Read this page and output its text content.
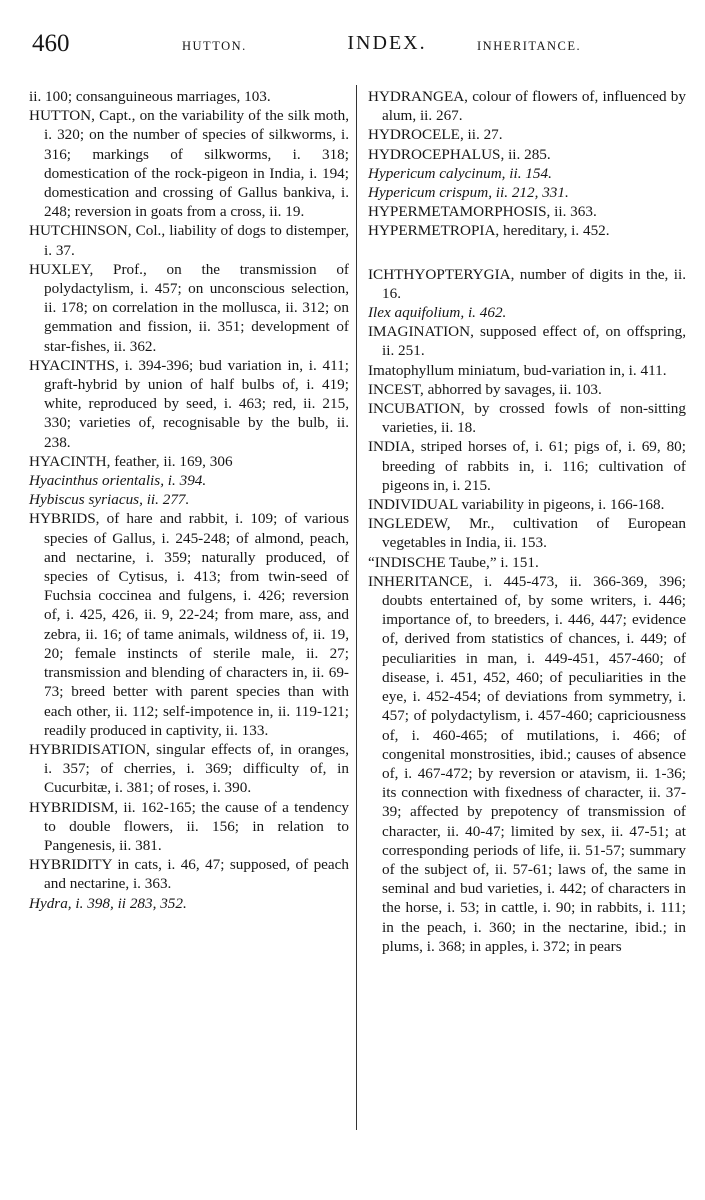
460	HUTTON.	INDEX.	INHERITANCE.

ii. 100; consanguineous marriages, 103.

HUTTON, Capt., on the variability of the silk moth, i. 320; on the number of species of silkworms, i. 316; markings of silkworms, i. 318; domestication of the rock-pigeon in India, i. 194; domestication and crossing of Gallus bankiva, i. 248; reversion in goats from a cross, ii. 19.

HUTCHINSON, Col., liability of dogs to distemper, i. 37.

HUXLEY, Prof., on the transmission of polydactylism, i. 457; on unconscious selection, ii. 178; on correlation in the mollusca, ii. 312; on gemmation and fission, ii. 351; development of star-fishes, ii. 362.

HYACINTHS, i. 394-396; bud variation in, i. 411; graft-hybrid by union of half bulbs of, i. 419; white, reproduced by seed, i. 463; red, ii. 215, 330; varieties of, recognisable by the bulb, ii. 238.

HYACINTH, feather, ii. 169, 306

Hyacinthus orientalis, i. 394.

Hybiscus syriacus, ii. 277.

HYBRIDS, of hare and rabbit, i. 109; of various species of Gallus, i. 245-248; of almond, peach, and nectarine, i. 359; naturally produced, of species of Cytisus, i. 413; from twin-seed of Fuchsia coccinea and fulgens, i. 426; reversion of, i. 425, 426, ii. 9, 22-24; from mare, ass, and zebra, ii. 16; of tame animals, wildness of, ii. 19, 20; female instincts of sterile male, ii. 27; transmission and blending of characters in, ii. 69-73; breed better with parent species than with each other, ii. 112; self-impotence in, ii. 119-121; readily produced in captivity, ii. 133.

HYBRIDISATION, singular effects of, in oranges, i. 357; of cherries, i. 369; difficulty of, in Cucurbitæ, i. 381; of roses, i. 390.

HYBRIDISM, ii. 162-165; the cause of a tendency to double flowers, ii. 156; in relation to Pangenesis, ii. 381.

HYBRIDITY in cats, i. 46, 47; supposed, of peach and nectarine, i. 363.

Hydra, i. 398, ii 283, 352.

HYDRANGEA, colour of flowers of, influenced by alum, ii. 267.

HYDROCELE, ii. 27.

HYDROCEPHALUS, ii. 285.

Hypericum calycinum, ii. 154.

Hypericum crispum, ii. 212, 331.

HYPERMETAMORPHOSIS, ii. 363.

HYPERMETROPIA, hereditary, i. 452.

ICHTHYOPTERYGIA, number of digits in the, ii. 16.

Ilex aquifolium, i. 462.

IMAGINATION, supposed effect of, on offspring, ii. 251.

Imatophyllum miniatum, bud-variation in, i. 411.

INCEST, abhorred by savages, ii. 103.

INCUBATION, by crossed fowls of non-sitting varieties, ii. 18.

INDIA, striped horses of, i. 61; pigs of, i. 69, 80; breeding of rabbits in, i. 116; cultivation of pigeons in, i. 215.

INDIVIDUAL variability in pigeons, i. 166-168.

INGLEDEW, Mr., cultivation of European vegetables in India, ii. 153.

“INDISCHE Taube,” i. 151.

INHERITANCE, i. 445-473, ii. 366-369, 396; doubts entertained of, by some writers, i. 446; importance of, to breeders, i. 446, 447; evidence of, derived from statistics of chances, i. 449; of peculiarities in man, i. 449-451, 457-460; of disease, i. 451, 452, 460; of peculiarities in the eye, i. 452-454; of deviations from symmetry, i. 457; of polydactylism, i. 457-460; capriciousness of, i. 460-465; of mutilations, i. 466; of congenital monstrosities, ibid.; causes of absence of, i. 467-472; by reversion or atavism, ii. 1-36; its connection with fixedness of character, ii. 37-39; affected by prepotency of transmission of character, ii. 40-47; limited by sex, ii. 47-51; at corresponding periods of life, ii. 51-57; summary of the subject of, ii. 57-61; laws of, the same in seminal and bud varieties, i. 442; of characters in the horse, i. 53; in cattle, i. 90; in rabbits, i. 111; in the peach, i. 360; in the nectarine, ibid.; in plums, i. 368; in apples, i. 372; in pears
